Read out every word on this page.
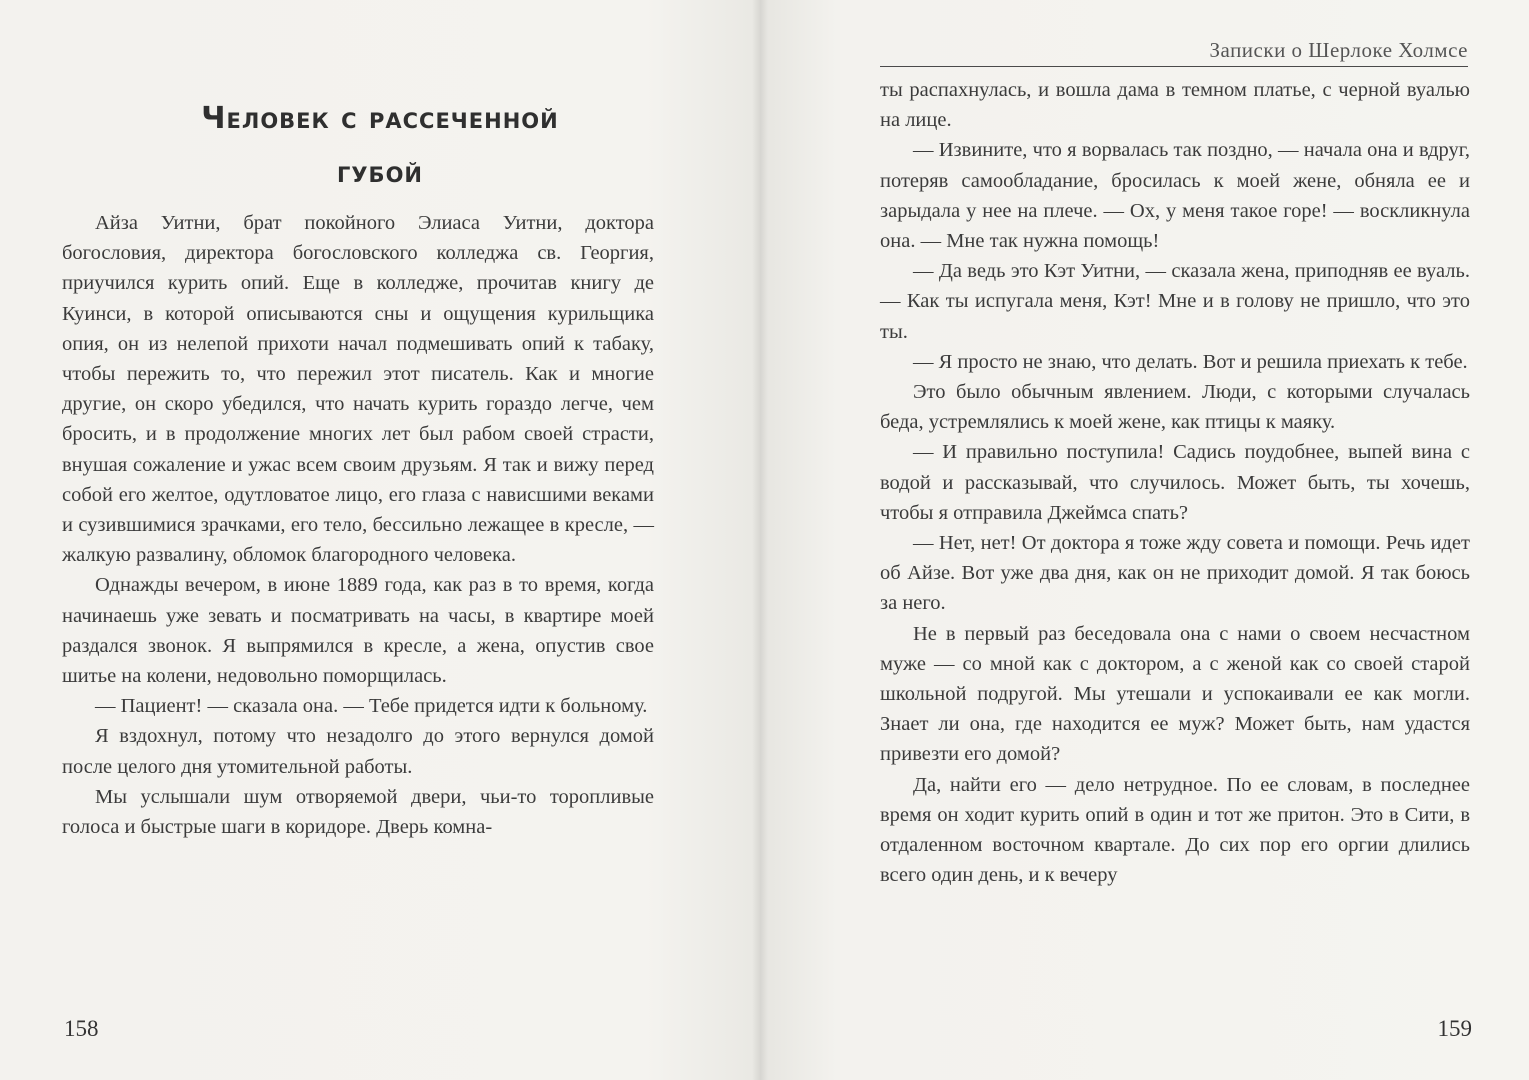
Человек с рассеченной
губой

Айза Уитни, брат покойного Элиаса Уитни, доктора богословия, директора богословского колледжа св. Георгия, приучился курить опий. Еще в колледже, прочитав книгу де Куинси, в которой описываются сны и ощущения курильщика опия, он из нелепой прихоти начал подмешивать опий к табаку, чтобы пережить то, что пережил этот писатель. Как и многие другие, он скоро убедился, что начать курить гораздо легче, чем бросить, и в продолжение многих лет был рабом своей страсти, внушая сожаление и ужас всем своим друзьям. Я так и вижу перед собой его желтое, одутловатое лицо, его глаза с нависшими веками и сузившимися зрачками, его тело, бессильно лежащее в кресле, — жалкую развалину, обломок благородного человека.

Однажды вечером, в июне 1889 года, как раз в то время, когда начинаешь уже зевать и посматривать на часы, в квартире моей раздался звонок. Я выпрямился в кресле, а жена, опустив свое шитье на колени, недовольно поморщилась.

— Пациент! — сказала она. — Тебе придется идти к больному.

Я вздохнул, потому что незадолго до этого вернулся домой после целого дня утомительной работы.

Мы услышали шум отворяемой двери, чьи-то торопливые голоса и быстрые шаги в коридоре. Дверь комна-

158
Записки о Шерлоке Холмсе

ты распахнулась, и вошла дама в темном платье, с черной вуалью на лице.

— Извините, что я ворвалась так поздно, — начала она и вдруг, потеряв самообладание, бросилась к моей жене, обняла ее и зарыдала у нее на плече. — Ох, у меня такое горе! — воскликнула она. — Мне так нужна помощь!

— Да ведь это Кэт Уитни, — сказала жена, приподняв ее вуаль. — Как ты испугала меня, Кэт! Мне и в голову не пришло, что это ты.

— Я просто не знаю, что делать. Вот и решила приехать к тебе.

Это было обычным явлением. Люди, с которыми случалась беда, устремлялись к моей жене, как птицы к маяку.

— И правильно поступила! Садись поудобнее, выпей вина с водой и рассказывай, что случилось. Может быть, ты хочешь, чтобы я отправила Джеймса спать?

— Нет, нет! От доктора я тоже жду совета и помощи. Речь идет об Айзе. Вот уже два дня, как он не приходит домой. Я так боюсь за него.

Не в первый раз беседовала она с нами о своем несчастном муже — со мной как с доктором, а с женой как со своей старой школьной подругой. Мы утешали и успокаивали ее как могли. Знает ли она, где находится ее муж? Может быть, нам удастся привезти его домой?

Да, найти его — дело нетрудное. По ее словам, в последнее время он ходит курить опий в один и тот же притон. Это в Сити, в отдаленном восточном квартале. До сих пор его оргии длились всего один день, и к вечеру

159
